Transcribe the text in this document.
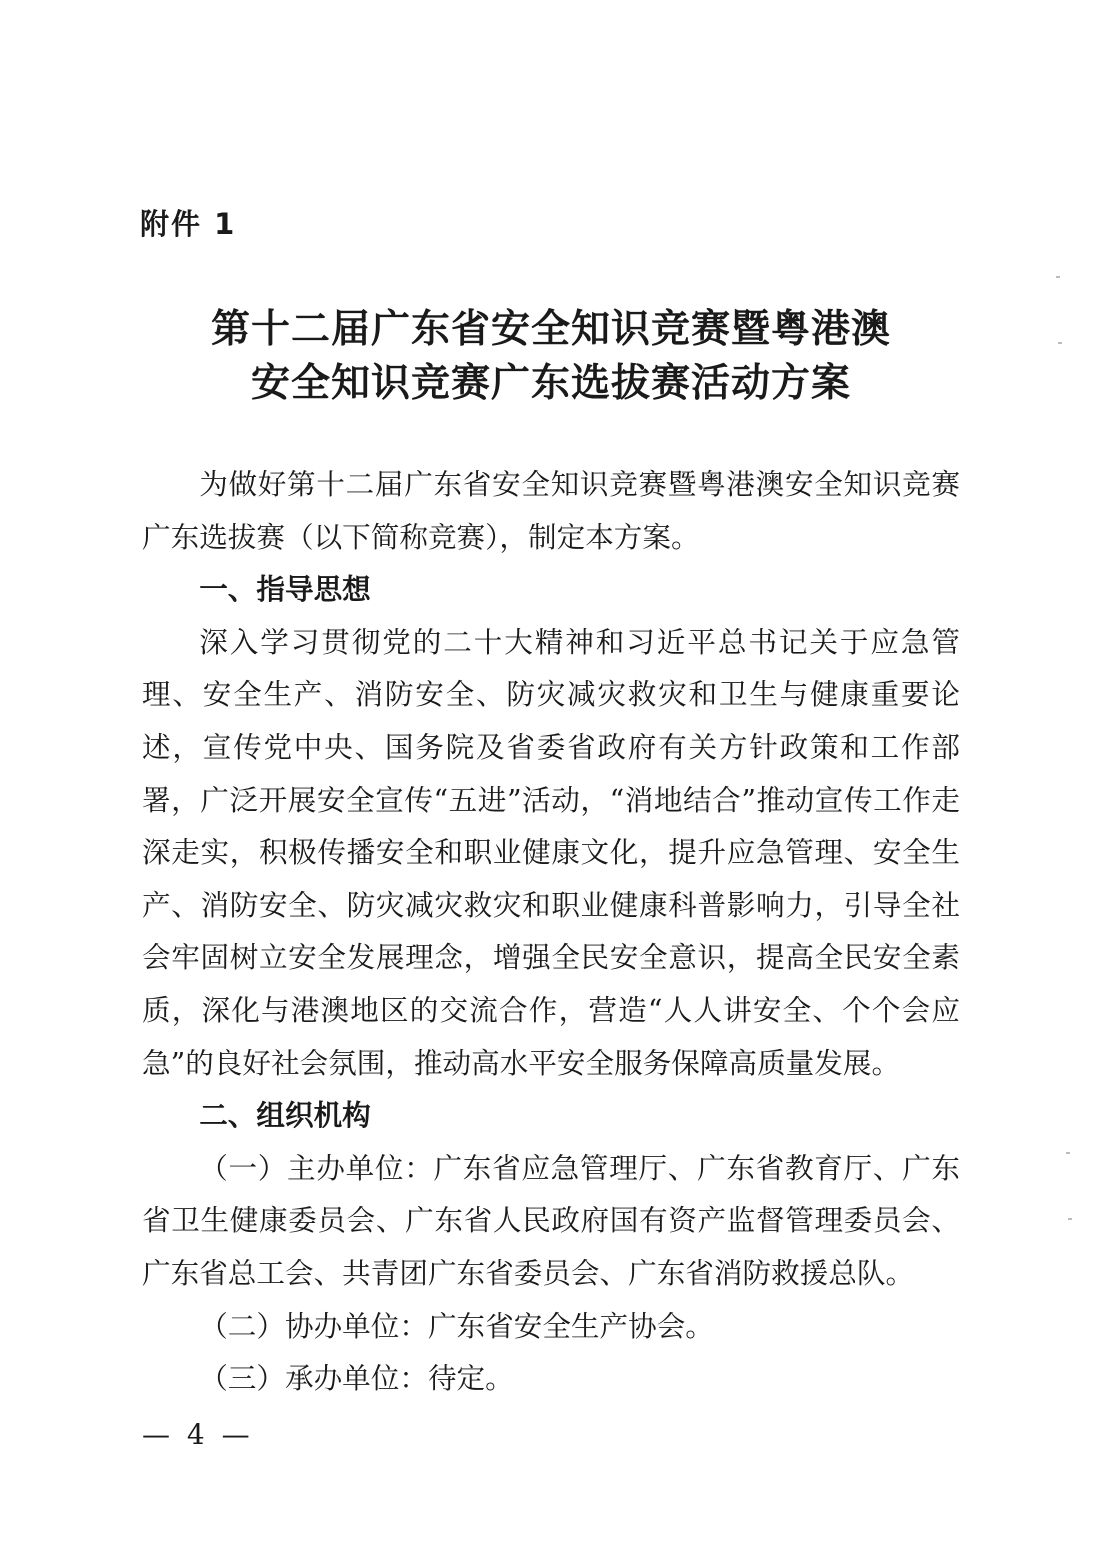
附件 1
第十二届广东省安全知识竞赛暨粤港澳
安全知识竞赛广东选拔赛活动方案

为做好第十二届广东省安全知识竞赛暨粤港澳安全知识竞赛广东选拔赛（以下简称竞赛），制定本方案。

一、指导思想

深入学习贯彻党的二十大精神和习近平总书记关于应急管理、安全生产、消防安全、防灾减灾救灾和卫生与健康重要论述，宣传党中央、国务院及省委省政府有关方针政策和工作部署，广泛开展安全宣传“五进”活动，“消地结合”推动宣传工作走深走实，积极传播安全和职业健康文化，提升应急管理、安全生产、消防安全、防灾减灾救灾和职业健康科普影响力，引导全社会牢固树立安全发展理念，增强全民安全意识，提高全民安全素质，深化与港澳地区的交流合作，营造“人人讲安全、个个会应急”的良好社会氛围，推动高水平安全服务保障高质量发展。

二、组织机构

（一）主办单位：广东省应急管理厅、广东省教育厅、广东省卫生健康委员会、广东省人民政府国有资产监督管理委员会、广东省总工会、共青团广东省委员会、广东省消防救援总队。

（二）协办单位：广东省安全生产协会。

（三）承办单位：待定。

— 4 —
